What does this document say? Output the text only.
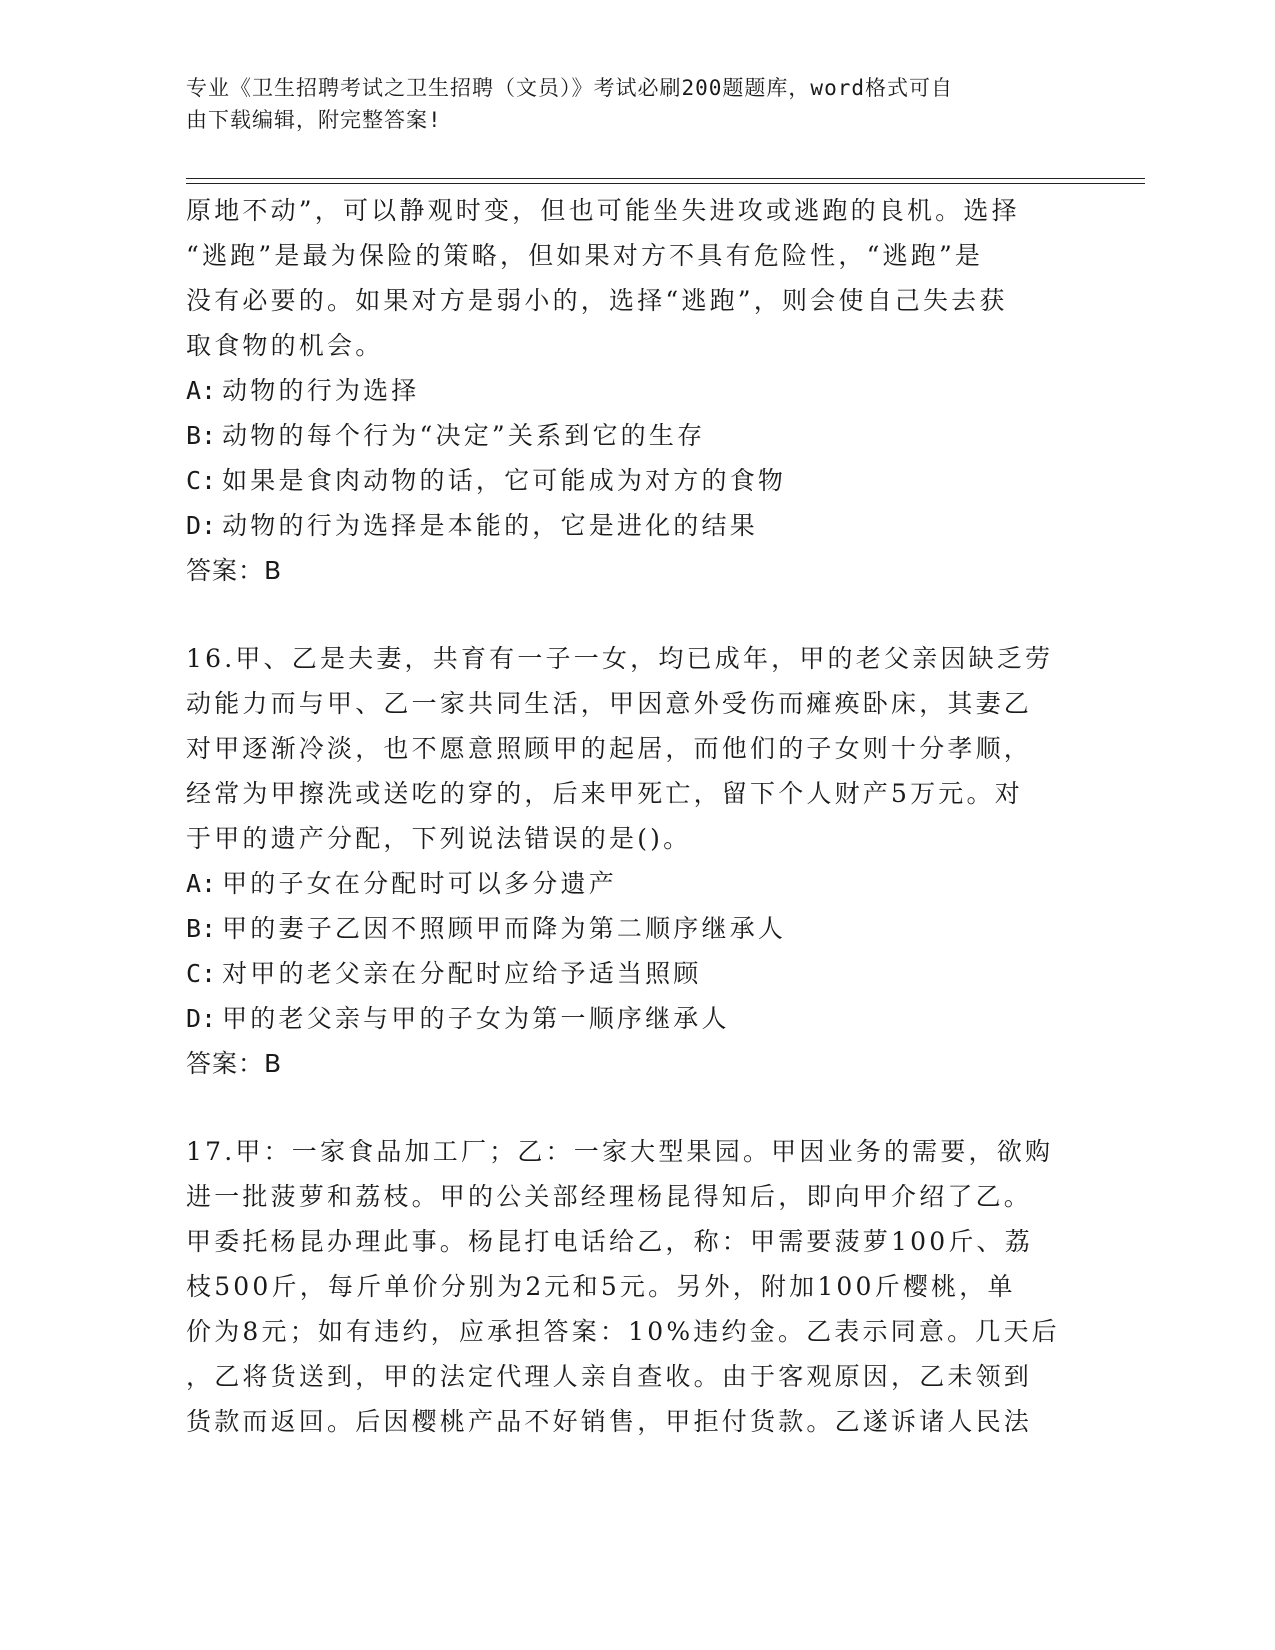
专业《卫生招聘考试之卫生招聘（文员）》考试必刷200题题库，word格式可自
由下载编辑，附完整答案!
原地不动”，可以静观时变，但也可能坐失进攻或逃跑的良机。选择
“逃跑”是最为保险的策略，但如果对方不具有危险性，“逃跑”是
没有必要的。如果对方是弱小的，选择“逃跑”，则会使自己失去获
取食物的机会。
A: 动物的行为选择
B: 动物的每个行为“决定”关系到它的生存
C: 如果是食肉动物的话，它可能成为对方的食物
D: 动物的行为选择是本能的，它是进化的结果
答案：B
16.甲、乙是夫妻，共育有一子一女，均已成年，甲的老父亲因缺乏劳
动能力而与甲、乙一家共同生活，甲因意外受伤而瘫痪卧床，其妻乙
对甲逐渐冷淡，也不愿意照顾甲的起居，而他们的子女则十分孝顺，
经常为甲擦洗或送吃的穿的，后来甲死亡，留下个人财产5万元。对
于甲的遗产分配，下列说法错误的是()。
A: 甲的子女在分配时可以多分遗产
B: 甲的妻子乙因不照顾甲而降为第二顺序继承人
C: 对甲的老父亲在分配时应给予适当照顾
D: 甲的老父亲与甲的子女为第一顺序继承人
答案：B
17.甲：一家食品加工厂；乙：一家大型果园。甲因业务的需要，欲购
进一批菠萝和荔枝。甲的公关部经理杨昆得知后，即向甲介绍了乙。
甲委托杨昆办理此事。杨昆打电话给乙，称：甲需要菠萝100斤、荔
枝500斤，每斤单价分别为2元和5元。另外，附加100斤樱桃，单
价为8元；如有违约，应承担答案：10%违约金。乙表示同意。几天后
，乙将货送到，甲的法定代理人亲自查收。由于客观原因，乙未领到
货款而返回。后因樱桃产品不好销售，甲拒付货款。乙遂诉诸人民法
